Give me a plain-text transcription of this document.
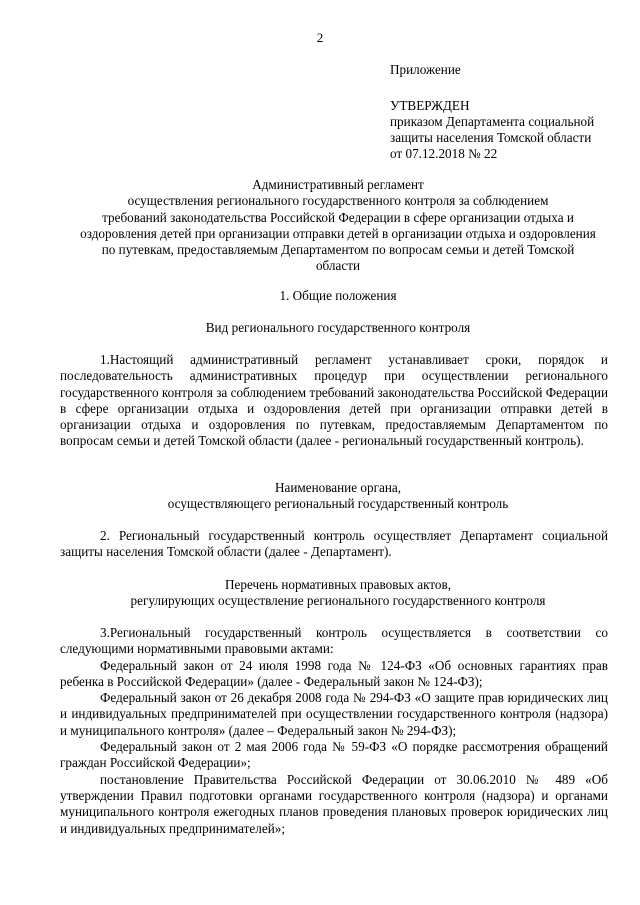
2
Приложение
УТВЕРЖДЕН
приказом Департамента социальной
защиты населения Томской области
от 07.12.2018 № 22
Административный регламент
осуществления регионального государственного контроля за соблюдением
требований законодательства Российской Федерации в сфере организации отдыха и
оздоровления детей при организации отправки детей в организации отдыха и оздоровления
по путевкам, предоставляемым Департаментом по вопросам семьи и детей Томской
области
1. Общие положения
Вид регионального государственного контроля
1.Настоящий административный регламент устанавливает сроки, порядок и последовательность административных процедур при осуществлении регионального государственного контроля за соблюдением требований законодательства Российской Федерации в сфере организации отдыха и оздоровления детей при организации отправки детей в организации отдыха и оздоровления по путевкам, предоставляемым Департаментом по вопросам семьи и детей Томской области (далее - региональный государственный контроль).
Наименование органа,
осуществляющего региональный государственный контроль
2. Региональный государственный контроль осуществляет Департамент социальной защиты населения Томской области (далее - Департамент).
Перечень нормативных правовых актов,
регулирующих осуществление регионального государственного контроля
3.Региональный государственный контроль осуществляется в соответствии со следующими нормативными правовыми актами:
Федеральный закон от 24 июля 1998 года № 124-ФЗ «Об основных гарантиях прав ребенка в Российской Федерации» (далее - Федеральный закон № 124-ФЗ);
Федеральный закон от 26 декабря 2008 года № 294-ФЗ «О защите прав юридических лиц и индивидуальных предпринимателей при осуществлении государственного контроля (надзора) и муниципального контроля» (далее – Федеральный закон № 294-ФЗ);
Федеральный закон от 2 мая 2006 года № 59-ФЗ «О порядке рассмотрения обращений граждан Российской Федерации»;
постановление Правительства Российской Федерации от 30.06.2010 № 489 «Об утверждении Правил подготовки органами государственного контроля (надзора) и органами муниципального контроля ежегодных планов проведения плановых проверок юридических лиц и индивидуальных предпринимателей»;
